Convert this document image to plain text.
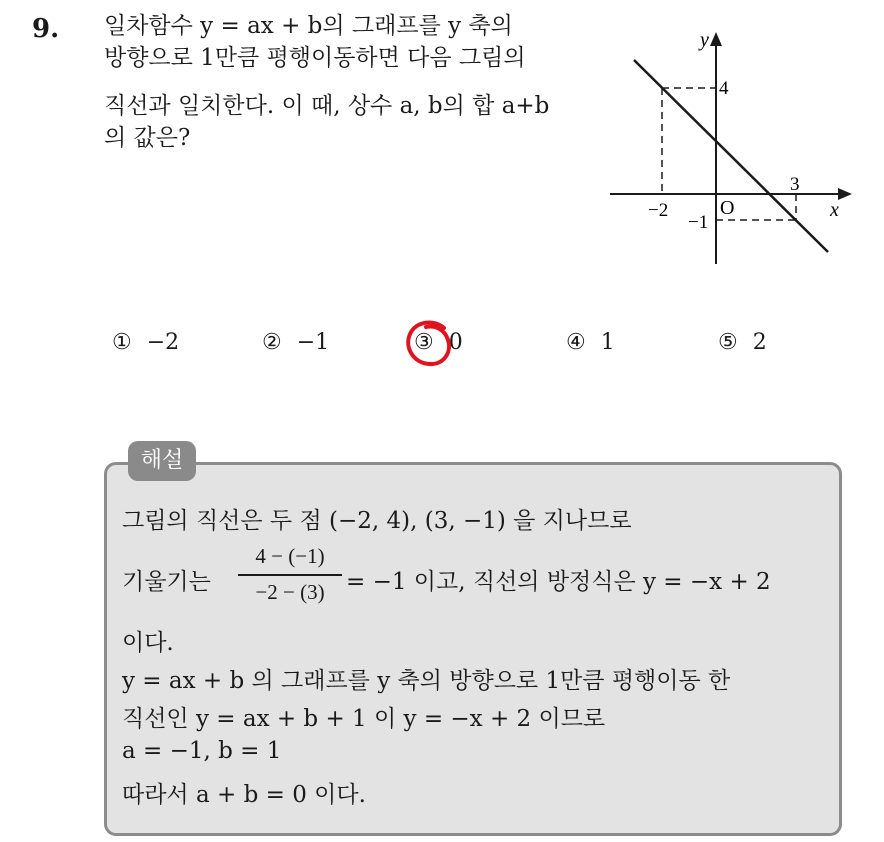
9. 일차함수 y = ax + b의 그래프를 y 축의
방향으로 1만큼 평행이동하면 다음 그림의
직선과 일치한다. 이 때, 상수 a, b의 합 a+b
의 값은?
y
x
O
4
−2
3
−1
① −2	② −1	③ 0	④ 1	⑤ 2
해설
그림의 직선은 두 점 (−2, 4), (3, −1) 을 지나므로
기울기는
4 − (−1)
−2 − (3) = −1 이고, 직선의 방정식은 y = −x + 2
이다.
y = ax + b 의 그래프를 y 축의 방향으로 1만큼 평행이동 한
직선인 y = ax + b + 1 이 y = −x + 2 이므로
a = −1, b = 1
따라서 a + b = 0 이다.
